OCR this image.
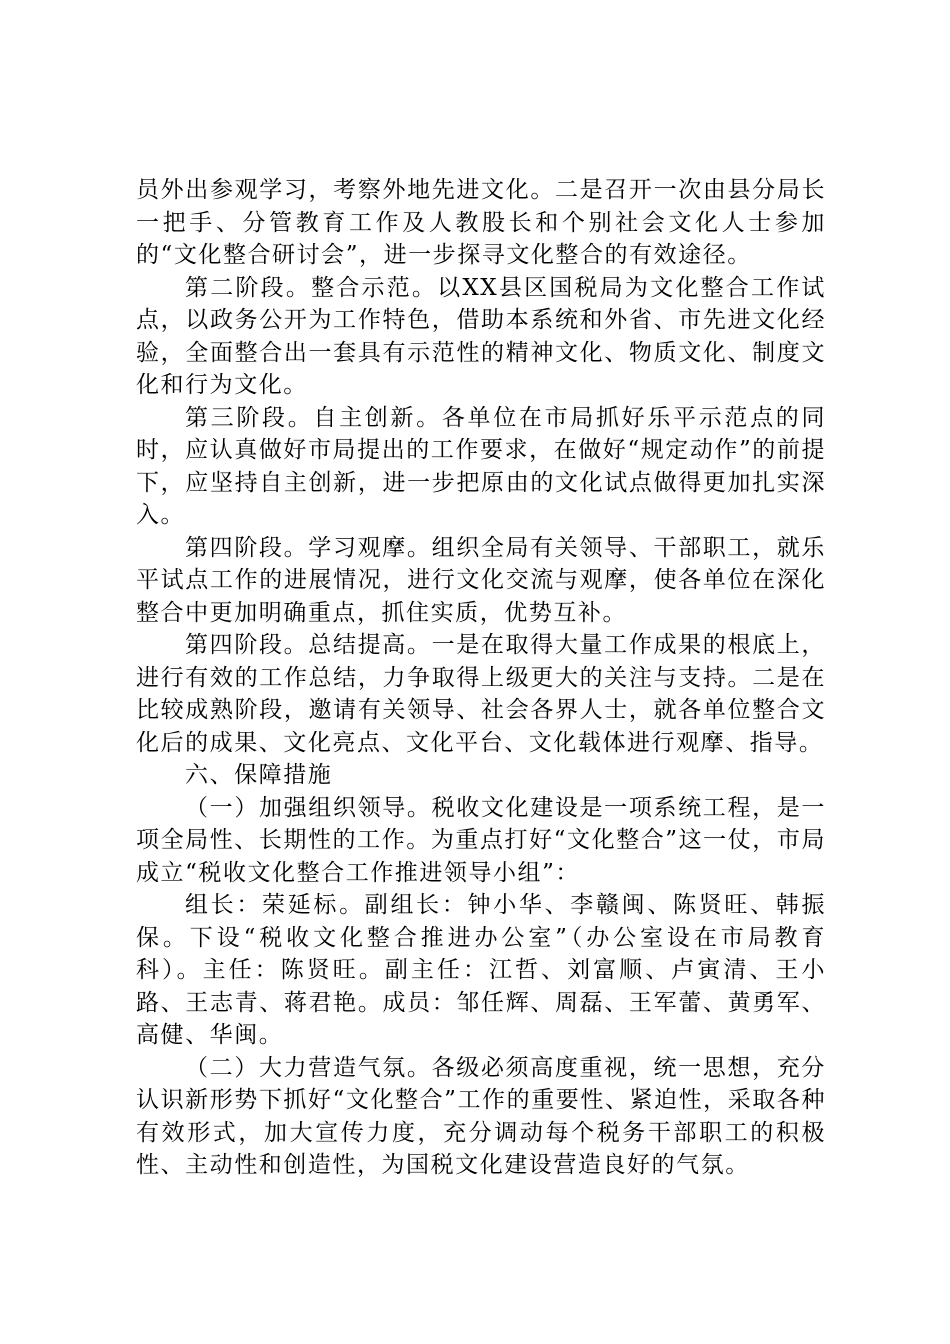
员外出参观学习，考察外地先进文化。二是召开一次由县分局长一把手、分管教育工作及人教股长和个别社会文化人士参加的“文化整合研讨会”，进一步探寻文化整合的有效途径。

第二阶段。整合示范。以XX县区国税局为文化整合工作试点，以政务公开为工作特色，借助本系统和外省、市先进文化经验，全面整合出一套具有示范性的精神文化、物质文化、制度文化和行为文化。

第三阶段。自主创新。各单位在市局抓好乐平示范点的同时，应认真做好市局提出的工作要求，在做好“规定动作”的前提下，应坚持自主创新，进一步把原由的文化试点做得更加扎实深入。

第四阶段。学习观摩。组织全局有关领导、干部职工，就乐平试点工作的进展情况，进行文化交流与观摩，使各单位在深化整合中更加明确重点，抓住实质，优势互补。

第四阶段。总结提高。一是在取得大量工作成果的根底上，进行有效的工作总结，力争取得上级更大的关注与支持。二是在比较成熟阶段，邀请有关领导、社会各界人士，就各单位整合文化后的成果、文化亮点、文化平台、文化载体进行观摩、指导。

六、保障措施

（一）加强组织领导。税收文化建设是一项系统工程，是一项全局性、长期性的工作。为重点打好“文化整合”这一仗，市局成立“税收文化整合工作推进领导小组”：

组长：荣延标。副组长：钟小华、李赣闽、陈贤旺、韩振保。下设“税收文化整合推进办公室”（办公室设在市局教育科）。主任：陈贤旺。副主任：江哲、刘富顺、卢寅清、王小路、王志青、蒋君艳。成员：邹任辉、周磊、王军蕾、黄勇军、高健、华闽。

（二）大力营造气氛。各级必须高度重视，统一思想，充分认识新形势下抓好“文化整合”工作的重要性、紧迫性，采取各种有效形式，加大宣传力度，充分调动每个税务干部职工的积极性、主动性和创造性，为国税文化建设营造良好的气氛。
